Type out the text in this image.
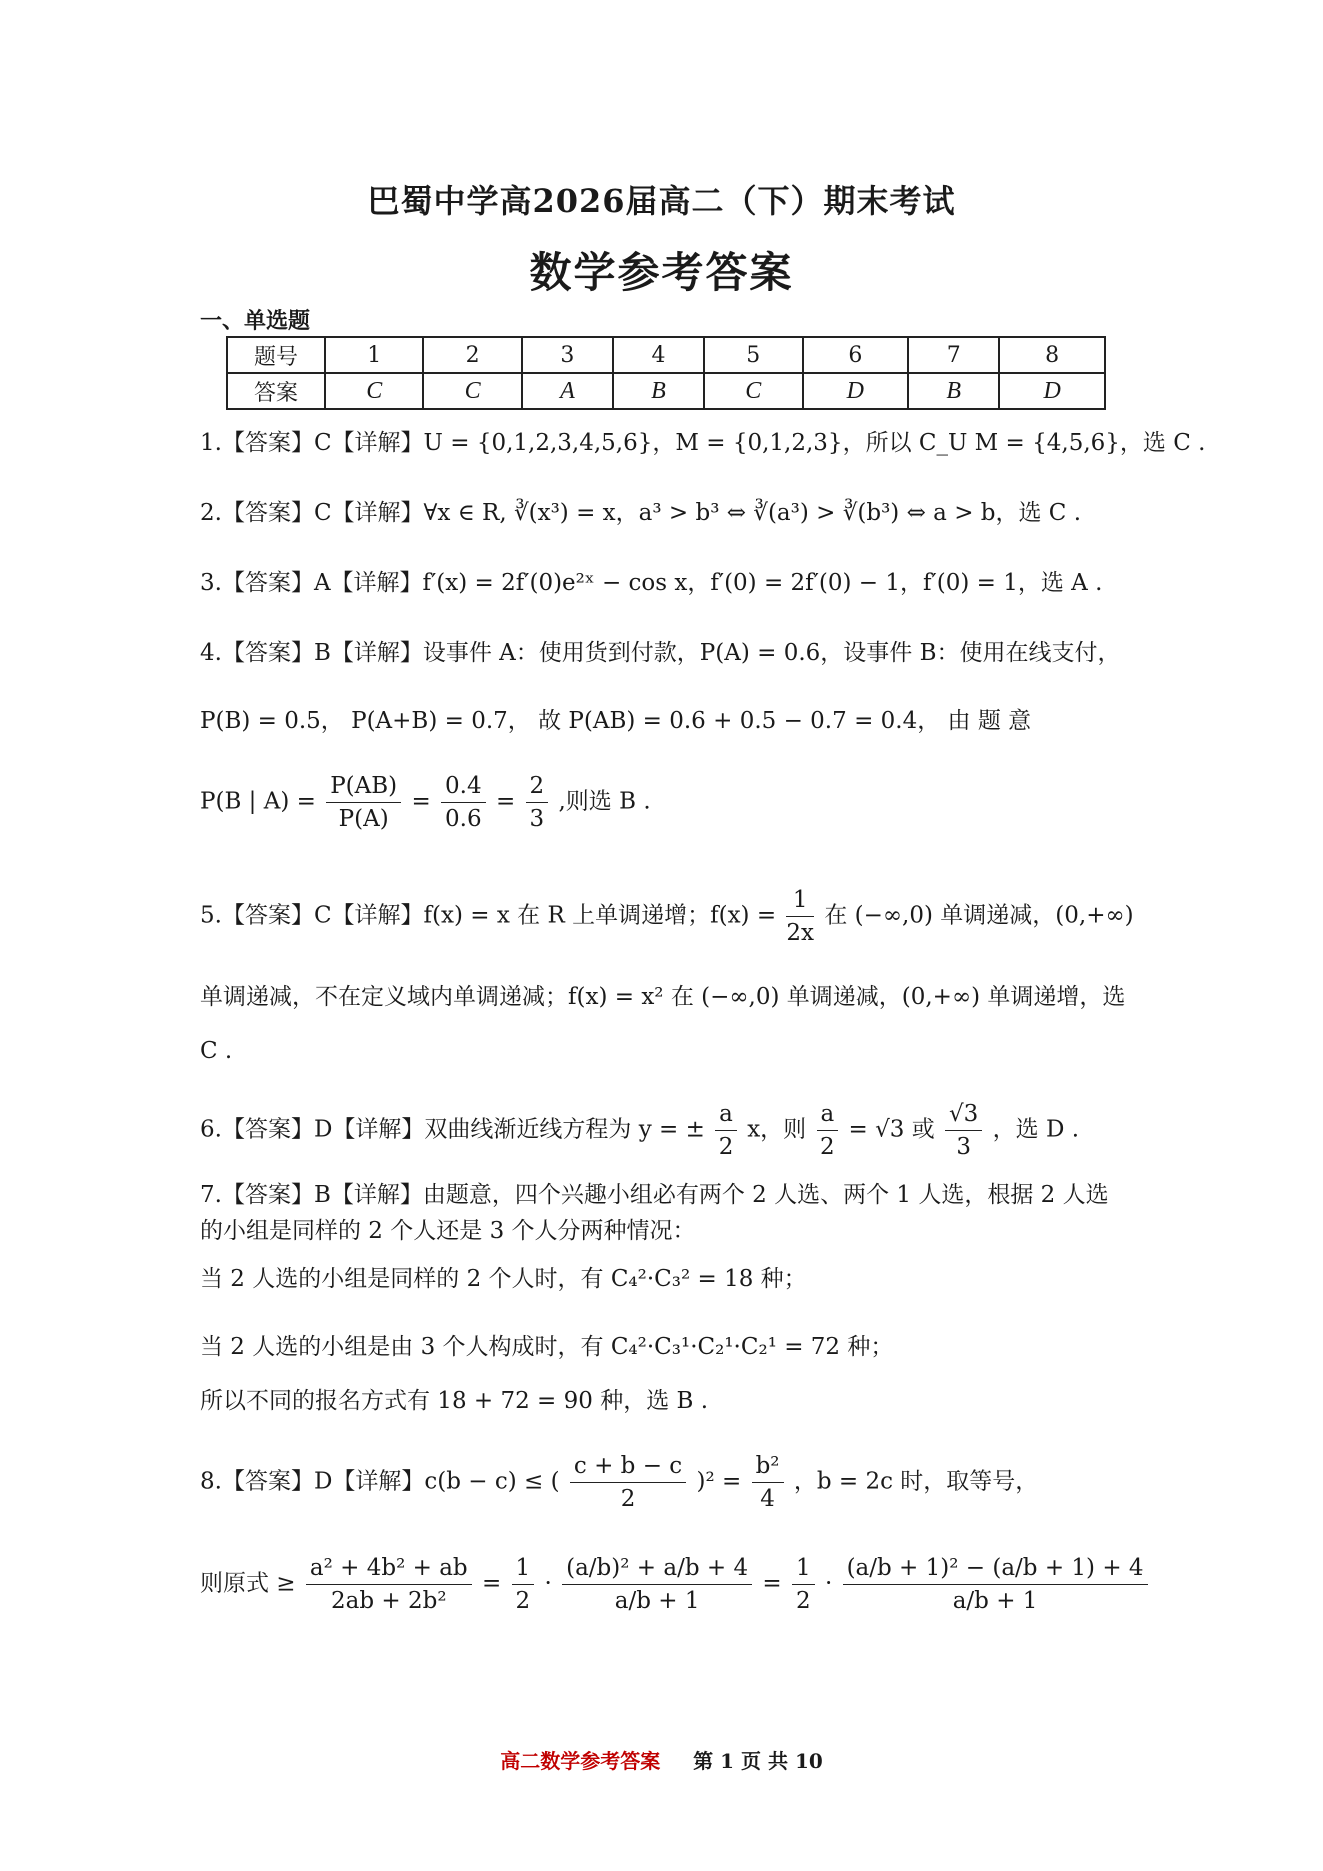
巴蜀中学高2026届高二（下）期末考试
数学参考答案
一、单选题
题号	1	2	3	4	5	6	7	8
答案	C	C	A	B	C	D	B	D
1.【答案】C【详解】U = {0,1,2,3,4,5,6}，M = {0,1,2,3}，所以 C_U M = {4,5,6}，选 C .
2.【答案】C【详解】∀x ∈ R, ∛(x³) = x，a³ > b³ ⇔ ∛(a³) > ∛(b³) ⇔ a > b，选 C .
3.【答案】A【详解】f′(x) = 2f′(0)e²ˣ − cos x，f′(0) = 2f′(0) − 1，f′(0) = 1，选 A .
4.【答案】B【详解】设事件 A：使用货到付款，P(A) = 0.6，设事件 B：使用在线支付，
P(B) = 0.5， P(A+B) = 0.7， 故 P(AB) = 0.6 + 0.5 − 0.7 = 0.4， 由 题 意
P(B | $A) = \frac{P(AB)}{P(A)} = \frac{0.4}{0.6} = \frac{2}{3}$ ,则选 B .
5.【答案】C【详解】f(x) = x 在 R 上单调递增；$f(x) = \frac{1}{2x}$ 在 (−∞,0) 单调递减，(0,+∞)
单调递减，不在定义域内单调递减；f(x) = x² 在 (−∞,0) 单调递减，(0,+∞) 单调递增，选
C .
6.【答案】D【详解】双曲线渐近线方程为 y = ± $\frac{a}{2}$ x，则 $\frac{a}{2} = √3$ 或 $\frac{√3}{3}$ ，选 D .
7.【答案】B【详解】由题意，四个兴趣小组必有两个 2 人选、两个 1 人选，根据 2 人选
的小组是同样的 2 个人还是 3 个人分两种情况：
当 2 人选的小组是同样的 2 个人时，有 C₄²·C₃² = 18 种；
当 2 人选的小组是由 3 个人构成时，有 C₄²·C₃¹·C₂¹·C₂¹ = 72 种；
所以不同的报名方式有 18 + 72 = 90 种，选 B .
8.【答案】D【详解】c(b − c) ≤ ( $\frac{c + b - c}{2} )^2 = \frac{\text{b²}}{4}$ ，b = 2c 时，取等号，
则原式 ≥ $\frac{\text{a² + 4b² + ab}}{\text{2ab + 2b²}} = \frac{1}{2} \cdot \frac{\text{(a/b)² + a/b + 4}}{a/b + 1} = \frac{1}{2} \cdot \frac{\text{(a/b + 1)² − (a/b + 1) + 4}}{a/b + 1}$
高二数学参考答案 第 1 页 共 10
